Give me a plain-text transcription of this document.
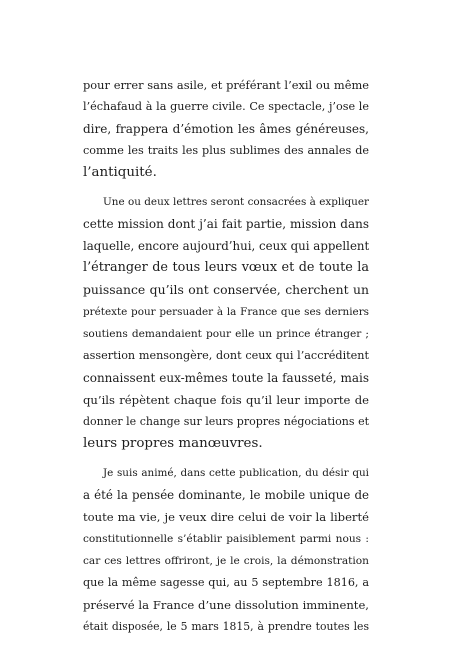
pour errer sans asile, et préférant l’exil ou même
l’échafaud à la guerre civile. Ce spectacle, j’ose le
dire, frappera d’émotion les âmes généreuses,
comme les traits les plus sublimes des annales de
l’antiquité.
Une ou deux lettres seront consacrées à expliquer
cette mission dont j’ai fait partie, mission dans
laquelle, encore aujourd’hui, ceux qui appellent
l’étranger de tous leurs vœux et de toute la
puissance qu’ils ont conservée, cherchent un
prétexte pour persuader à la France que ses derniers
soutiens demandaient pour elle un prince étranger ;
assertion mensongère, dont ceux qui l’accréditent
connaissent eux-mêmes toute la fausseté, mais
qu’ils répètent chaque fois qu’il leur importe de
donner le change sur leurs propres négociations et
leurs propres manœuvres.
Je suis animé, dans cette publication, du désir qui
a été la pensée dominante, le mobile unique de
toute ma vie, je veux dire celui de voir la liberté
constitutionnelle s’établir paisiblement parmi nous :
car ces lettres offriront, je le crois, la démonstration
que la même sagesse qui, au 5 septembre 1816, a
préservé la France d’une dissolution imminente,
était disposée, le 5 mars 1815, à prendre toutes les
